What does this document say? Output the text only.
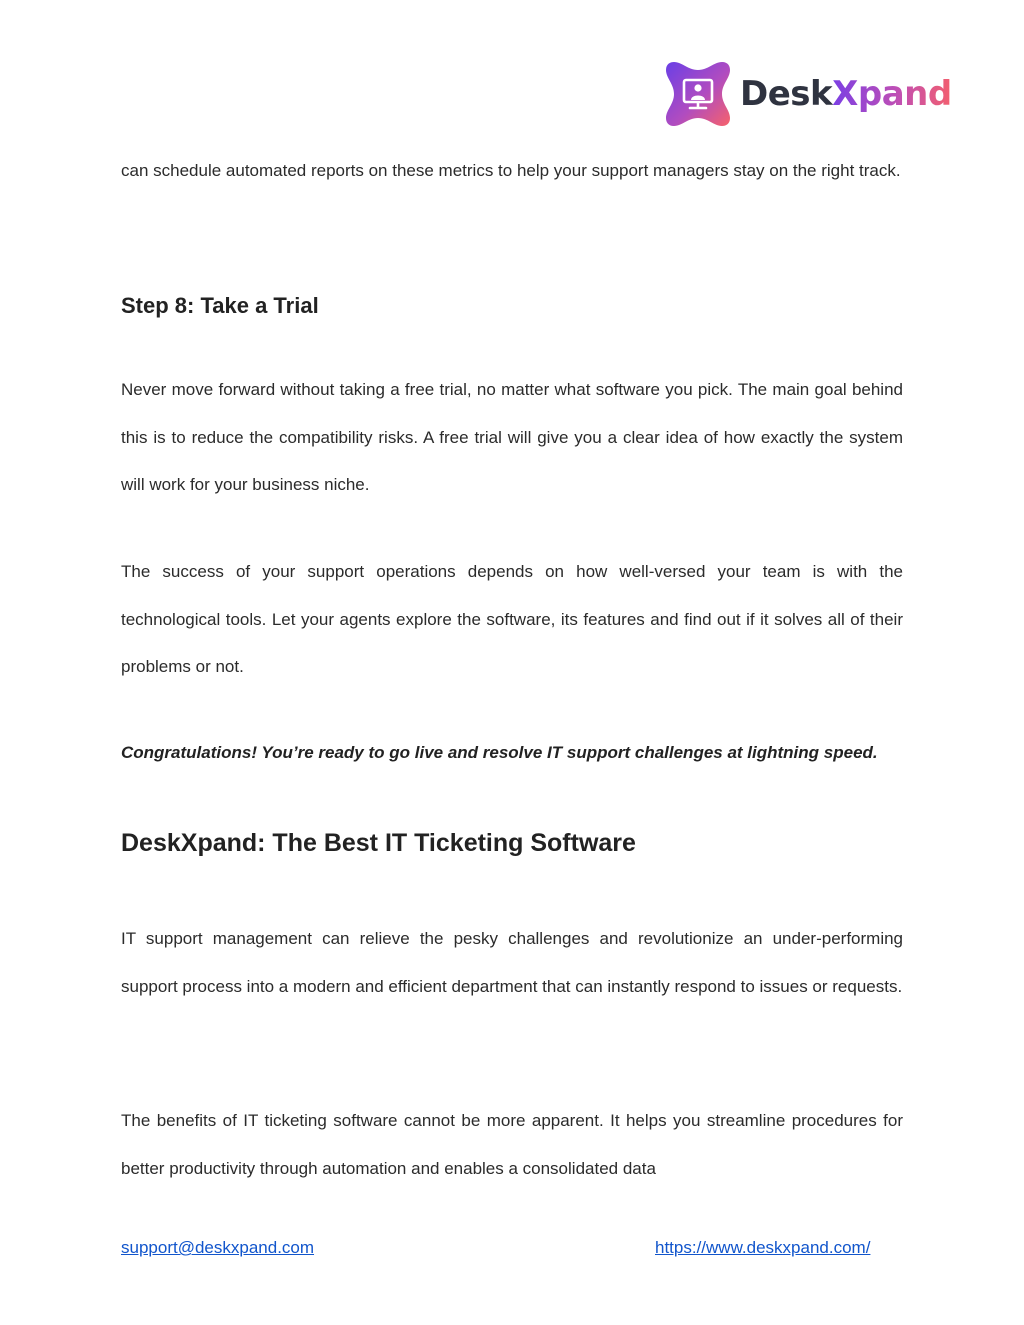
DeskXpand

can schedule automated reports on these metrics to help your support managers stay on the right track.

Step 8: Take a Trial

Never move forward without taking a free trial, no matter what software you pick. The main goal behind this is to reduce the compatibility risks. A free trial will give you a clear idea of how exactly the system will work for your business niche.

The success of your support operations depends on how well-versed your team is with the technological tools. Let your agents explore the software, its features and find out if it solves all of their problems or not.

Congratulations! You’re ready to go live and resolve IT support challenges at lightning speed.

DeskXpand: The Best IT Ticketing Software

IT support management can relieve the pesky challenges and revolutionize an under-performing support process into a modern and efficient department that can instantly respond to issues or requests.

The benefits of IT ticketing software cannot be more apparent. It helps you streamline procedures for better productivity through automation and enables a consolidated data

support@deskxpand.com	https://www.deskxpand.com/
